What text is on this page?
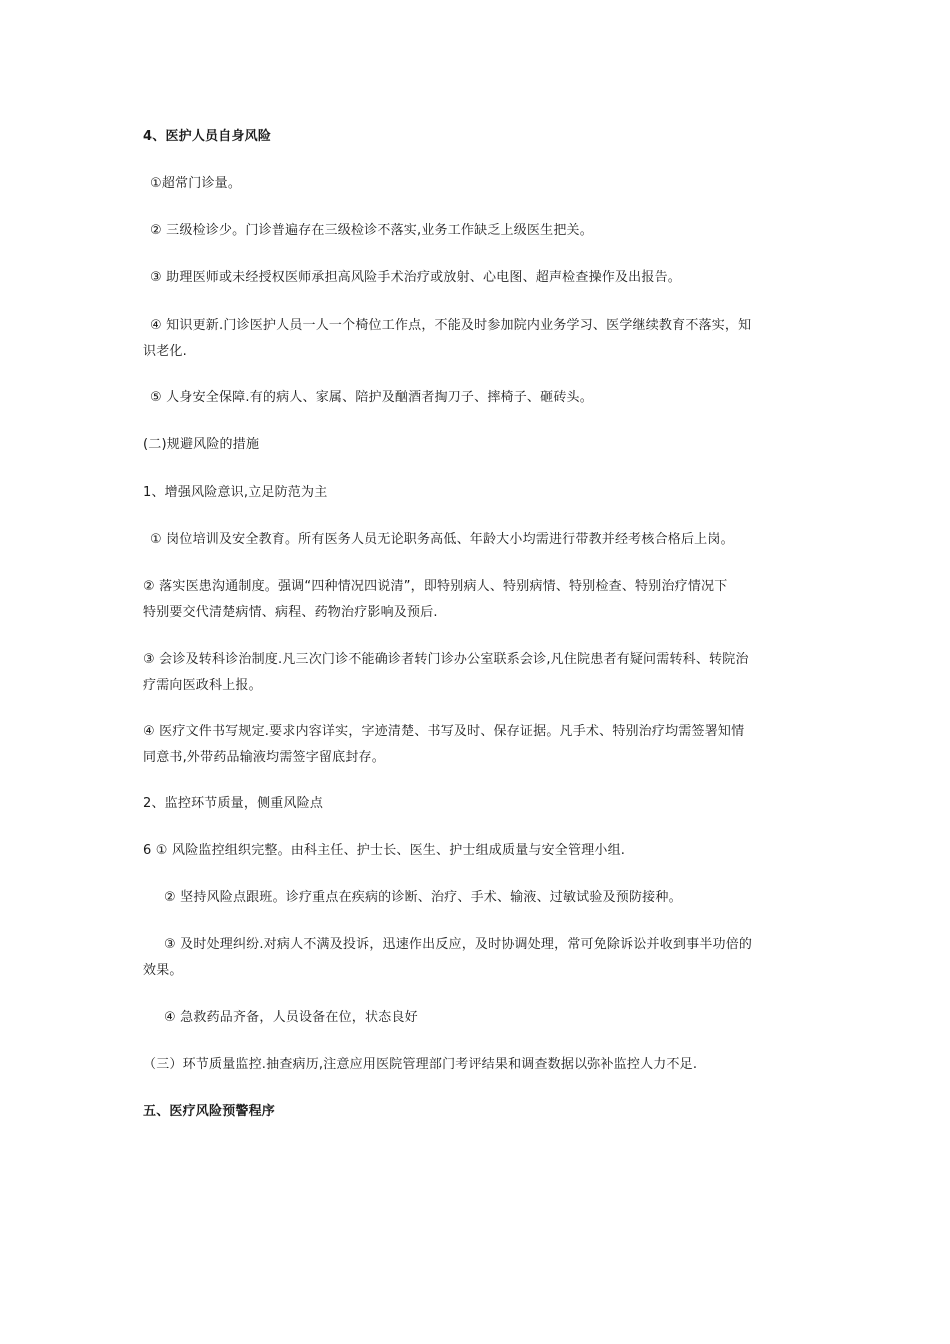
4、医护人员自身风险
①超常门诊量。
② 三级检诊少。门诊普遍存在三级检诊不落实,业务工作缺乏上级医生把关。
③ 助理医师或未经授权医师承担高风险手术治疗或放射、心电图、超声检查操作及出报告。
④ 知识更新.门诊医护人员一人一个椅位工作点，不能及时参加院内业务学习、医学继续教育不落实，知
识老化.
⑤ 人身安全保障.有的病人、家属、陪护及酗酒者掏刀子、摔椅子、砸砖头。
(二)规避风险的措施
1、增强风险意识,立足防范为主
① 岗位培训及安全教育。所有医务人员无论职务高低、年龄大小均需进行带教并经考核合格后上岗。
② 落实医患沟通制度。强调“四种情况四说清”，即特别病人、特别病情、特别检查、特别治疗情况下
特别要交代清楚病情、病程、药物治疗影响及预后.
③ 会诊及转科诊治制度.凡三次门诊不能确诊者转门诊办公室联系会诊,凡住院患者有疑问需转科、转院治
疗需向医政科上报。
④ 医疗文件书写规定.要求内容详实，字迹清楚、书写及时、保存证据。凡手术、特别治疗均需签署知情
同意书,外带药品输液均需签字留底封存。
2、监控环节质量，侧重风险点
6 ① 风险监控组织完整。由科主任、护士长、医生、护士组成质量与安全管理小组.
② 坚持风险点跟班。诊疗重点在疾病的诊断、治疗、手术、输液、过敏试验及预防接种。
③ 及时处理纠纷.对病人不满及投诉，迅速作出反应，及时协调处理，常可免除诉讼并收到事半功倍的
效果。
④ 急救药品齐备，人员设备在位，状态良好
（三）环节质量监控.抽查病历,注意应用医院管理部门考评结果和调查数据以弥补监控人力不足.
五、医疗风险预警程序
